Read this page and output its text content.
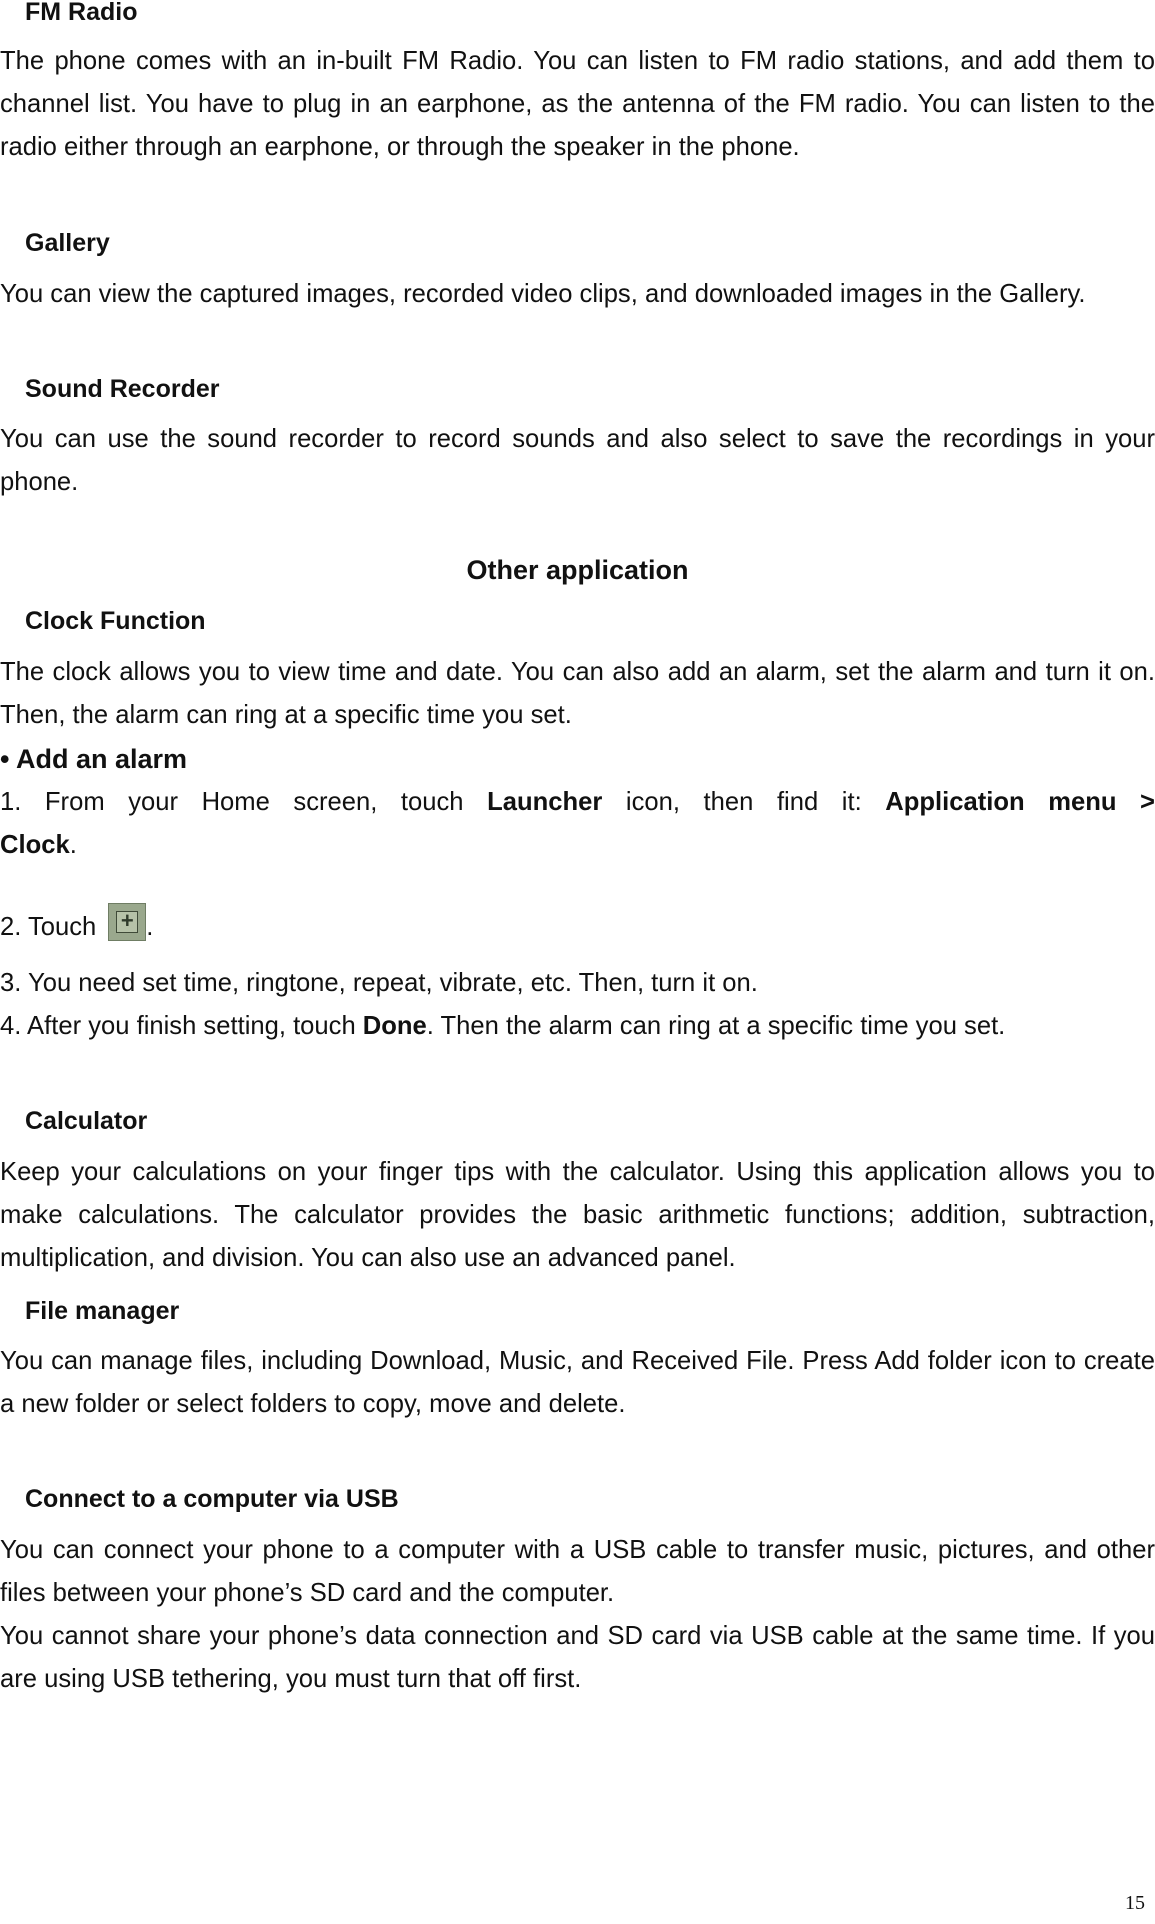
FM Radio
The phone comes with an in-built FM Radio. You can listen to FM radio stations, and add them to channel list. You have to plug in an earphone, as the antenna of the FM radio. You can listen to the radio either through an earphone, or through the speaker in the phone.
Gallery
You can view the captured images, recorded video clips, and downloaded images in the Gallery.
Sound Recorder
You can use the sound recorder to record sounds and also select to save the recordings in your phone.
Other application
Clock Function
The clock allows you to view time and date. You can also add an alarm, set the alarm and turn it on. Then, the alarm can ring at a specific time you set.
• Add an alarm
1. From your Home screen, touch Launcher icon, then find it: Application menu >
Clock.
2. Touch+ .
3. You need set time, ringtone, repeat, vibrate, etc. Then, turn it on.
4. After you finish setting, touch Done. Then the alarm can ring at a specific time you set.
Calculator
Keep your calculations on your finger tips with the calculator. Using this application allows you to make calculations. The calculator provides the basic arithmetic functions; addition, subtraction, multiplication, and division. You can also use an advanced panel.
File manager
You can manage files, including Download, Music, and Received File. Press Add folder icon to create a new folder or select folders to copy, move and delete.
Connect to a computer via USB
You can connect your phone to a computer with a USB cable to transfer music, pictures, and other files between your phone’s SD card and the computer.
You cannot share your phone’s data connection and SD card via USB cable at the same time. If you are using USB tethering, you must turn that off first.
15
